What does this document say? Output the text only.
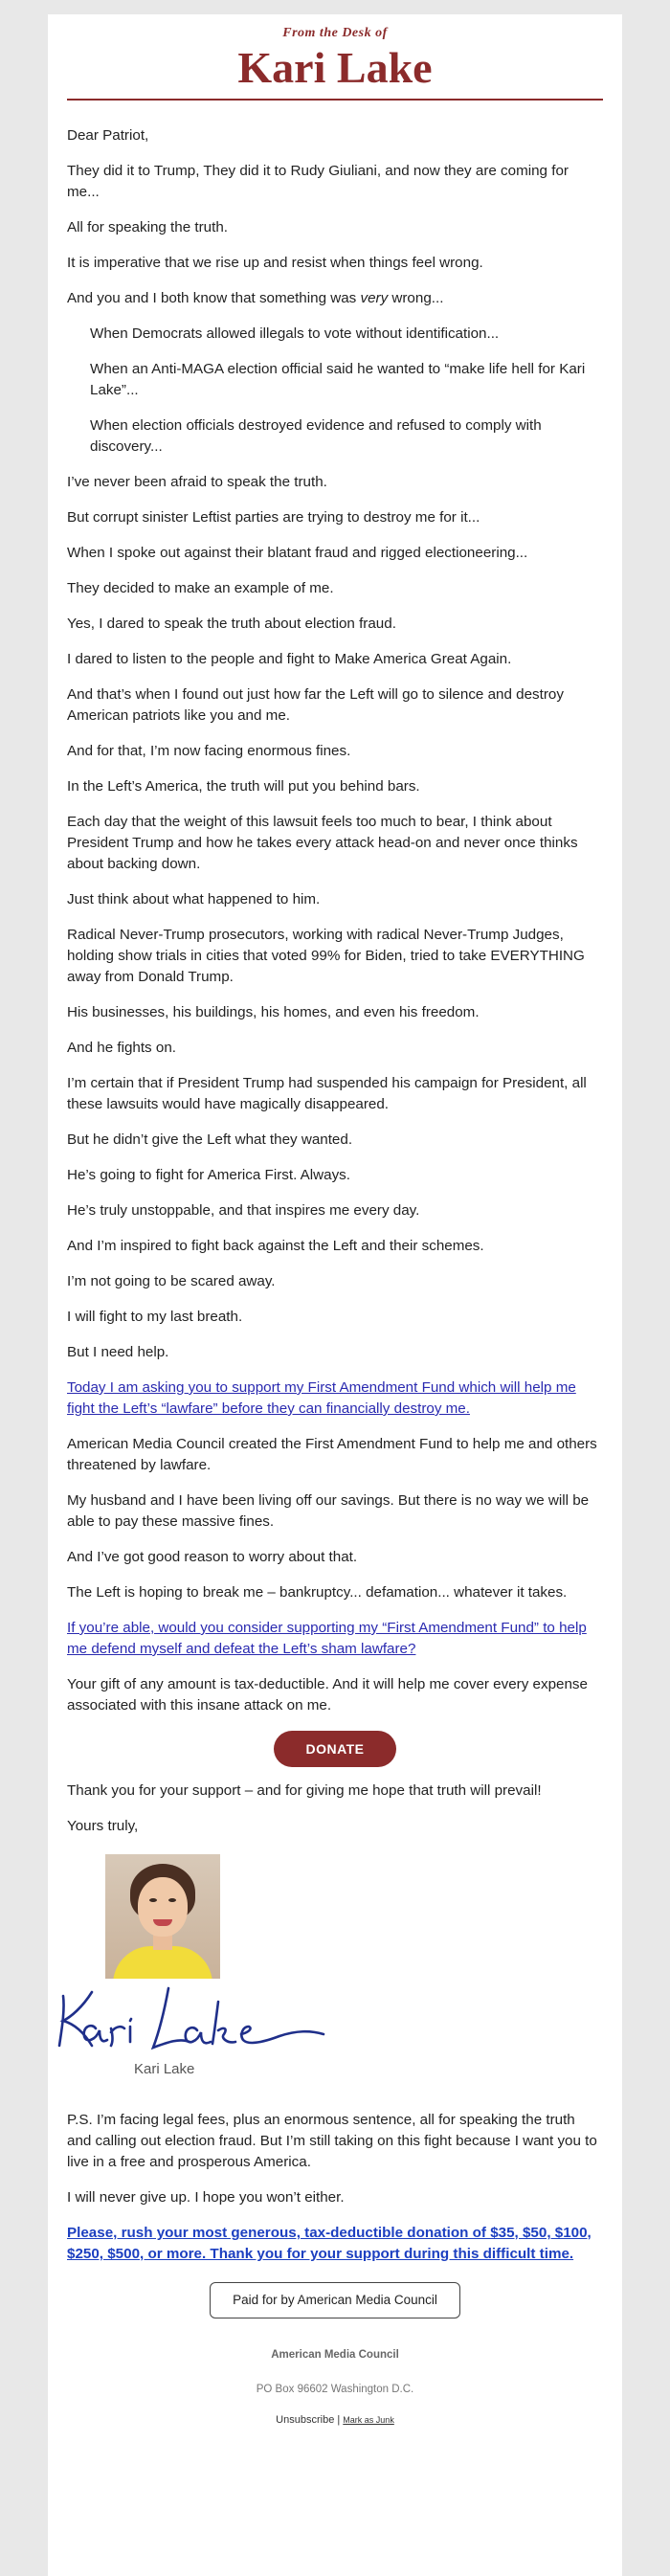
From the Desk of
Kari Lake
Dear Patriot,
They did it to Trump, They did it to Rudy Giuliani, and now they are coming for me...
All for speaking the truth.
It is imperative that we rise up and resist when things feel wrong.
And you and I both know that something was very wrong...
When Democrats allowed illegals to vote without identification...
When an Anti-MAGA election official said he wanted to “make life hell for Kari Lake”...
When election officials destroyed evidence and refused to comply with discovery...
I’ve never been afraid to speak the truth.
But corrupt sinister Leftist parties are trying to destroy me for it...
When I spoke out against their blatant fraud and rigged electioneering...
They decided to make an example of me.
Yes, I dared to speak the truth about election fraud.
I dared to listen to the people and fight to Make America Great Again.
And that’s when I found out just how far the Left will go to silence and destroy American patriots like you and me.
And for that, I’m now facing enormous fines.
In the Left’s America, the truth will put you behind bars.
Each day that the weight of this lawsuit feels too much to bear, I think about President Trump and how he takes every attack head-on and never once thinks about backing down.
Just think about what happened to him.
Radical Never-Trump prosecutors, working with radical Never-Trump Judges, holding show trials in cities that voted 99% for Biden, tried to take EVERYTHING away from Donald Trump.
His businesses, his buildings, his homes, and even his freedom.
And he fights on.
I’m certain that if President Trump had suspended his campaign for President, all these lawsuits would have magically disappeared.
But he didn’t give the Left what they wanted.
He’s going to fight for America First. Always.
He’s truly unstoppable, and that inspires me every day.
And I’m inspired to fight back against the Left and their schemes.
I’m not going to be scared away.
I will fight to my last breath.
But I need help.
Today I am asking you to support my First Amendment Fund which will help me fight the Left’s “lawfare” before they can financially destroy me.
American Media Council created the First Amendment Fund to help me and others threatened by lawfare.
My husband and I have been living off our savings. But there is no way we will be able to pay these massive fines.
And I’ve got good reason to worry about that.
The Left is hoping to break me – bankruptcy... defamation... whatever it takes.
If you’re able, would you consider supporting my “First Amendment Fund” to help me defend myself and defeat the Left’s sham lawfare?
Your gift of any amount is tax-deductible. And it will help me cover every expense associated with this insane attack on me.
DONATE
Thank you for your support – and for giving me hope that truth will prevail!
Yours truly,
Kari Lake
P.S. I’m facing legal fees, plus an enormous sentence, all for speaking the truth and calling out election fraud. But I’m still taking on this fight because I want you to live in a free and prosperous America.
I will never give up. I hope you won’t either.
Please, rush your most generous, tax-deductible donation of $35, $50, $100, $250, $500, or more. Thank you for your support during this difficult time.
Paid for by American Media Council
American Media Council
PO Box 96602 Washington D.C.
Unsubscribe | Mark as Junk
